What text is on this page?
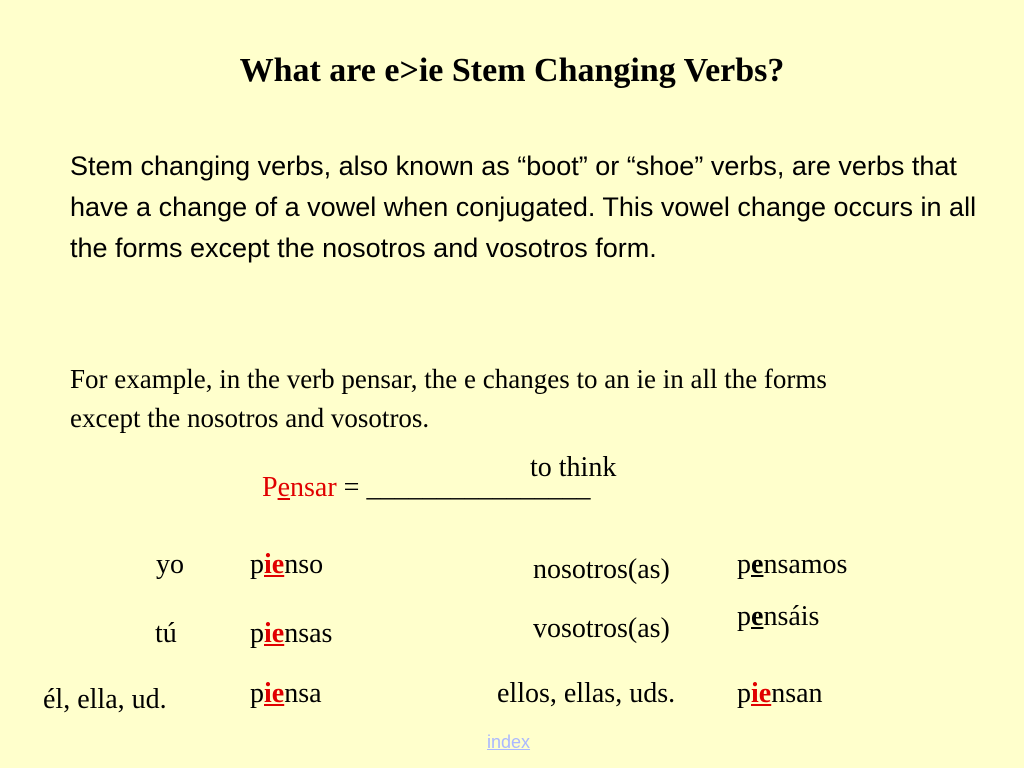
What are e>ie Stem Changing Verbs?
Stem changing verbs, also known as “boot” or “shoe” verbs, are verbs that have a change of a vowel when conjugated. This vowel change occurs in all the forms except the nosotros and vosotros form.
For example, in the verb pensar, the e changes to an ie in all the forms except the nosotros and vosotros.
to think
Pensar = ________________
yo
tú
él, ella, ud.
pienso
piensas
piensa
nosotros(as)
vosotros(as)
ellos, ellas, uds.
pensamos
pensáis
piensan
index
